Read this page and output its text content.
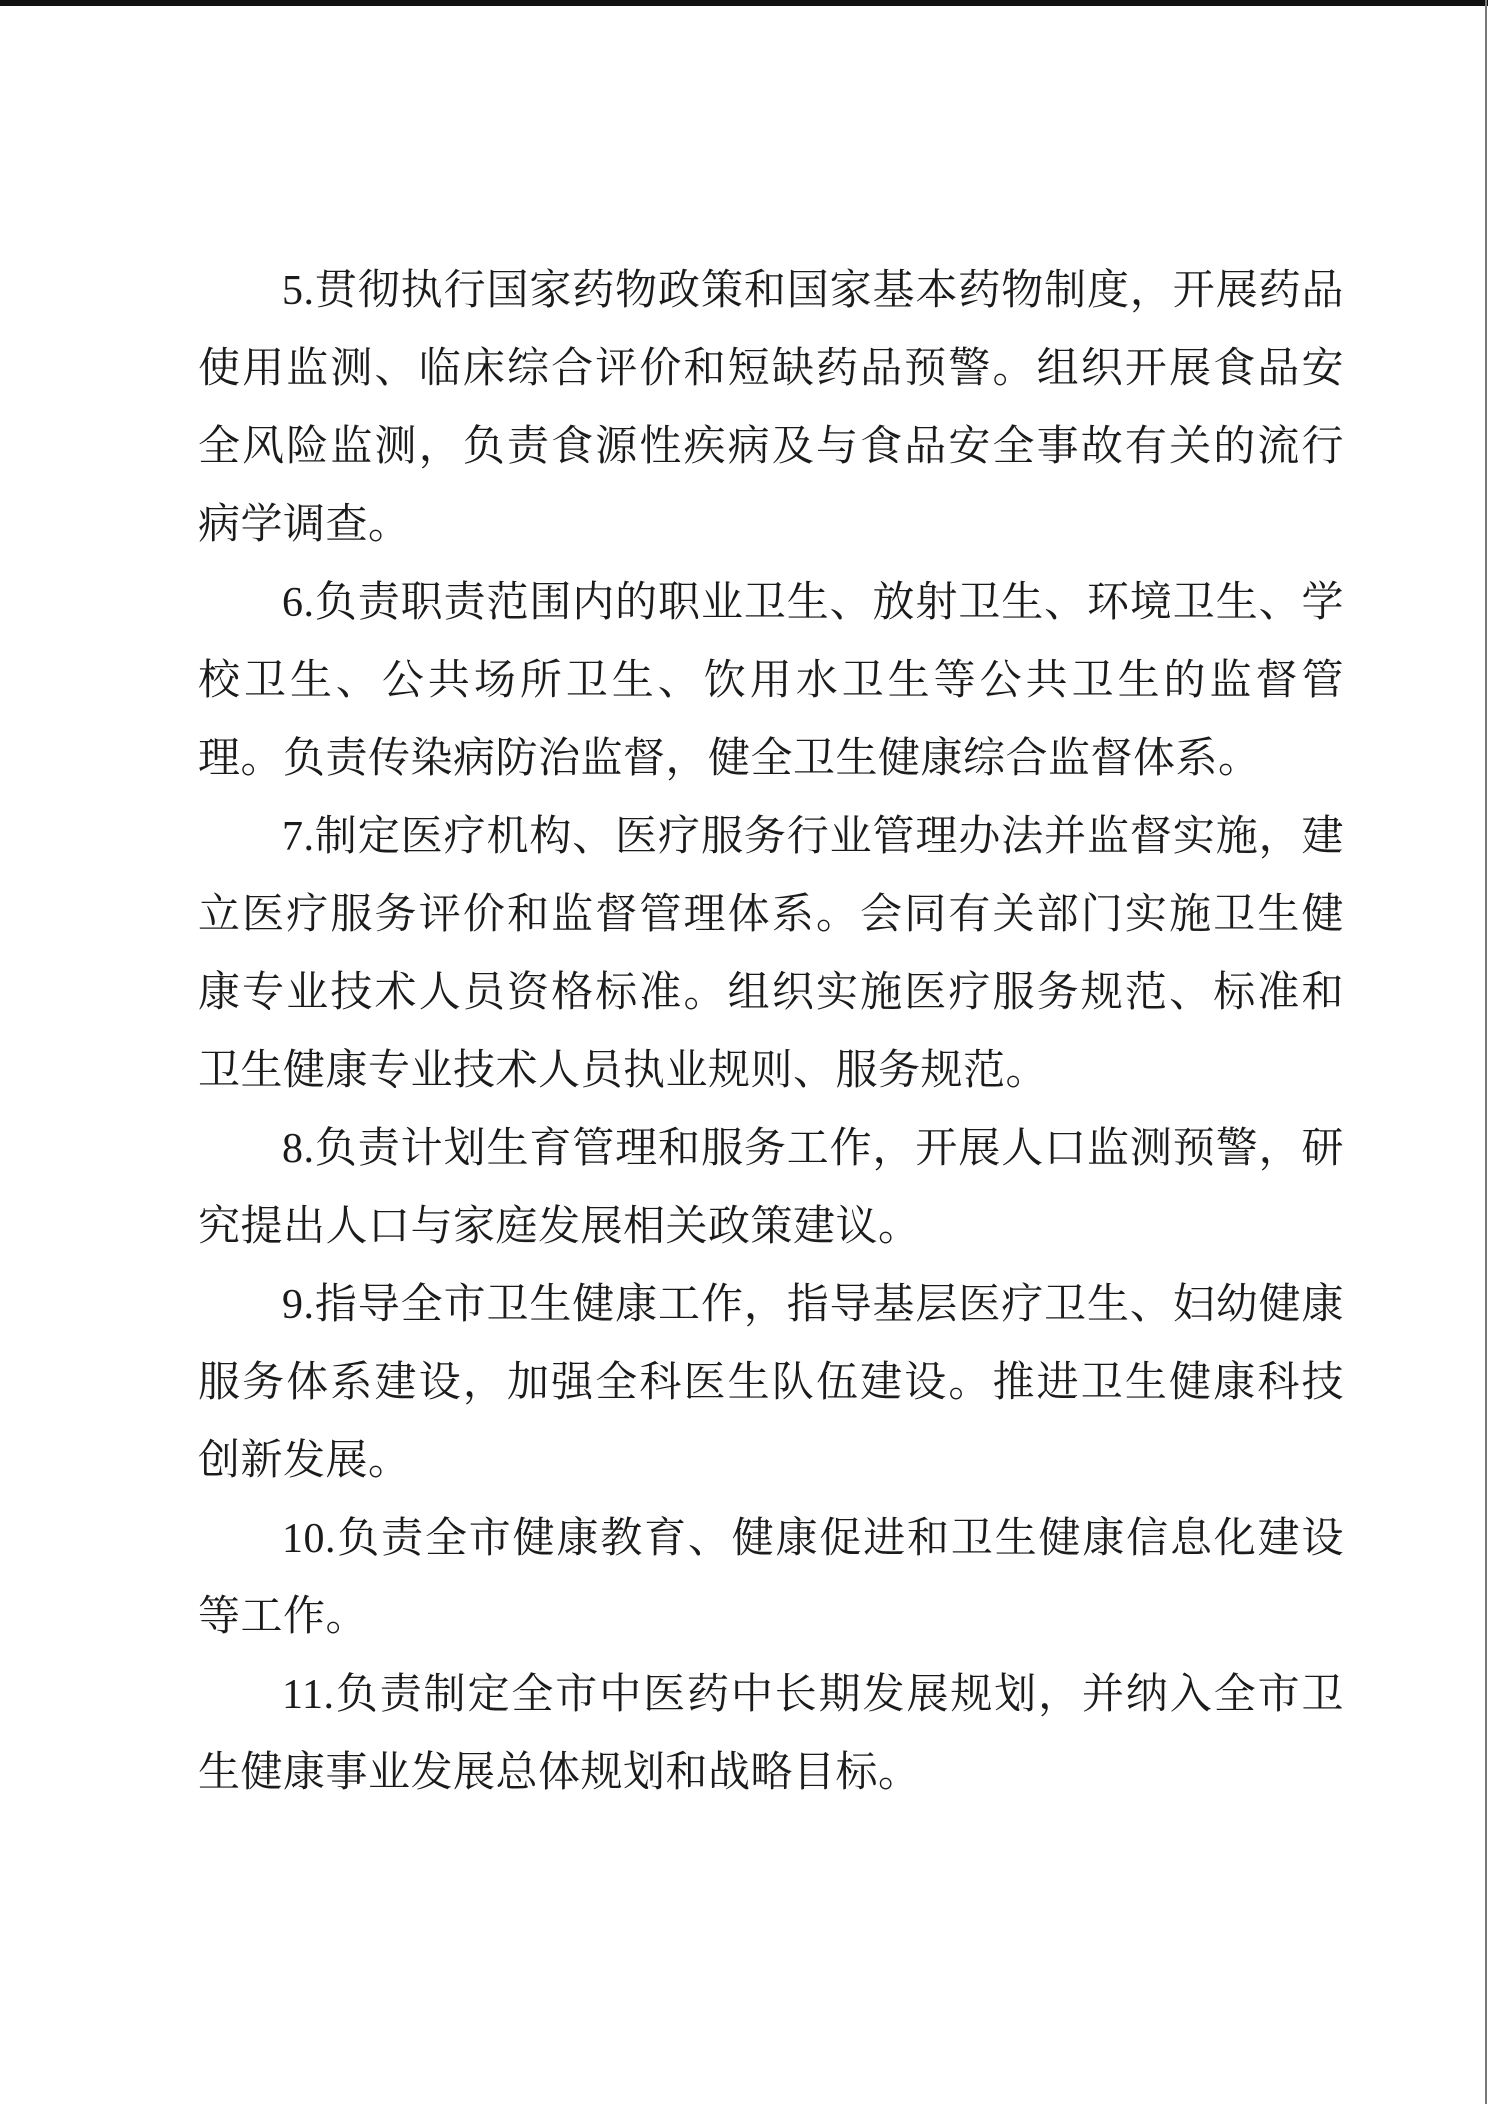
5.贯彻执行国家药物政策和国家基本药物制度，开展药品使用监测、临床综合评价和短缺药品预警。组织开展食品安全风险监测，负责食源性疾病及与食品安全事故有关的流行病学调查。

6.负责职责范围内的职业卫生、放射卫生、环境卫生、学校卫生、公共场所卫生、饮用水卫生等公共卫生的监督管理。负责传染病防治监督，健全卫生健康综合监督体系。

7.制定医疗机构、医疗服务行业管理办法并监督实施，建立医疗服务评价和监督管理体系。会同有关部门实施卫生健康专业技术人员资格标准。组织实施医疗服务规范、标准和卫生健康专业技术人员执业规则、服务规范。

8.负责计划生育管理和服务工作，开展人口监测预警，研究提出人口与家庭发展相关政策建议。

9.指导全市卫生健康工作，指导基层医疗卫生、妇幼健康服务体系建设，加强全科医生队伍建设。推进卫生健康科技创新发展。

10.负责全市健康教育、健康促进和卫生健康信息化建设等工作。

11.负责制定全市中医药中长期发展规划，并纳入全市卫生健康事业发展总体规划和战略目标。
